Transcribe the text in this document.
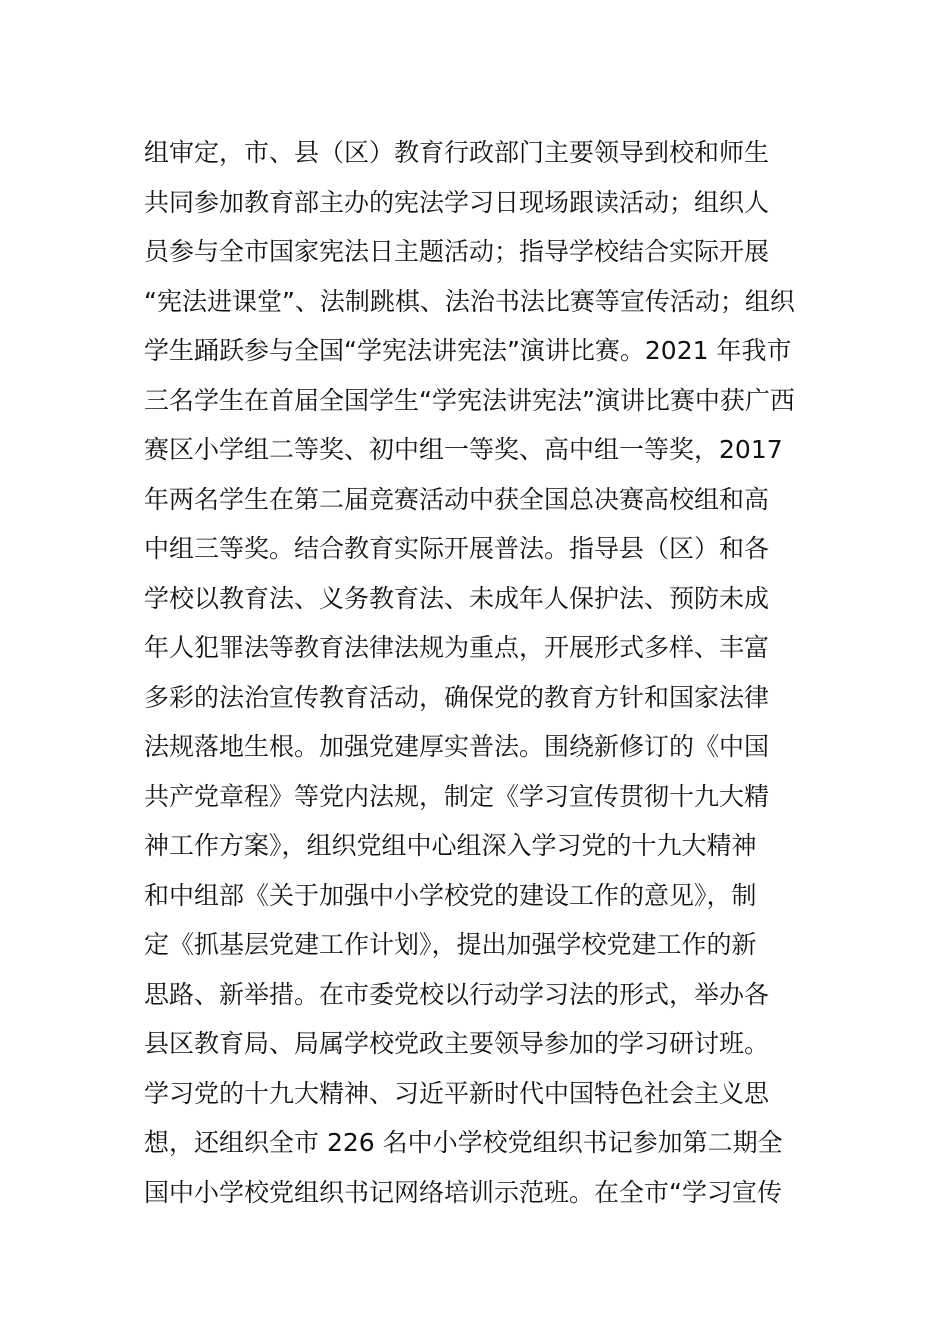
组审定，市、县（区）教育行政部门主要领导到校和师生
共同参加教育部主办的宪法学习日现场跟读活动；组织人
员参与全市国家宪法日主题活动；指导学校结合实际开展
“宪法进课堂”、法制跳棋、法治书法比赛等宣传活动；组织
学生踊跃参与全国“学宪法讲宪法”演讲比赛。2021 年我市
三名学生在首届全国学生“学宪法讲宪法”演讲比赛中获广西
赛区小学组二等奖、初中组一等奖、高中组一等奖，2017
年两名学生在第二届竞赛活动中获全国总决赛高校组和高
中组三等奖。结合教育实际开展普法。指导县（区）和各
学校以教育法、义务教育法、未成年人保护法、预防未成
年人犯罪法等教育法律法规为重点，开展形式多样、丰富
多彩的法治宣传教育活动，确保党的教育方针和国家法律
法规落地生根。加强党建厚实普法。围绕新修订的《中国
共产党章程》等党内法规，制定《学习宣传贯彻十九大精
神工作方案》，组织党组中心组深入学习党的十九大精神
和中组部《关于加强中小学校党的建设工作的意见》，制
定《抓基层党建工作计划》，提出加强学校党建工作的新
思路、新举措。在市委党校以行动学习法的形式，举办各
县区教育局、局属学校党政主要领导参加的学习研讨班。
学习党的十九大精神、习近平新时代中国特色社会主义思
想，还组织全市 226 名中小学校党组织书记参加第二期全
国中小学校党组织书记网络培训示范班。在全市“学习宣传
